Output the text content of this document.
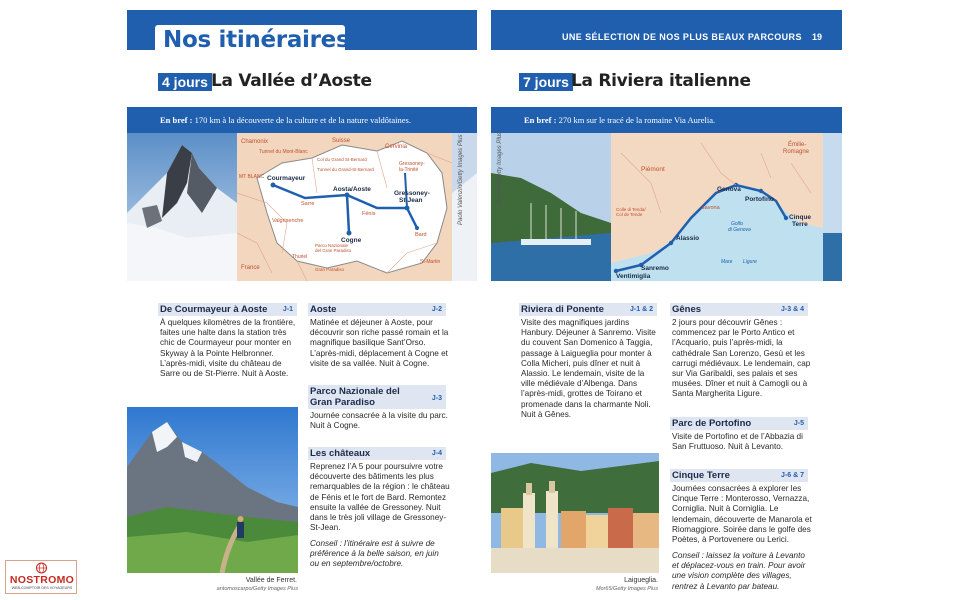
Nos itinéraires	UNE SÉLECTION DE NOS PLUS BEAUX PARCOURS 19
4 jours La Vallée d’Aoste
En bref : 170 km à la découverte de la culture et de la nature valdôtaines.
Chamonix	Suisse
Cervinia
Tunnel du Mont-Blanc
Tunnel du Grand-St-Bernard
Col du Grand St-Bernard
MT BLANC Courmayeur
Aosta/Aoste
Gressoney-St-Jean
Gressoney-la-Trinité
Sarre
Fénis
Valgrisenche
Cogne
Bard
Parco Nazionale del Gran Paradiso
Gran Paradiso
France
Thuriel
St-Martin
Paolo Valenzin/Getty Images Plus
De Courmayeur à Aoste J-1
À quelques kilomètres de la frontière, faites une halte dans la station très chic de Courmayeur pour monter en Skyway à la Pointe Helbronner. L’après-midi, visite du château de Sarre ou de St-Pierre. Nuit à Aoste.
Aoste	J-2
Matinée et déjeuner à Aoste, pour découvrir son riche passé romain et la magnifique basilique Sant’Orso. L’après-midi, déplacement à Cogne et visite de sa vallée. Nuit à Cogne.
Parco Nazionale del Gran Paradiso	J-3
Journée consacrée à la visite du parc. Nuit à Cogne.
Les châteaux	J-4
Reprenez l’A 5 pour poursuivre votre découverte des bâtiments les plus remarquables de la région : le château de Fénis et le fort de Bard. Remontez ensuite la vallée de Gressoney. Nuit dans le très joli village de Gressoney-St-Jean.
Conseil : l’itinéraire est à suivre de préférence à la belle saison, en juin ou en septembre/octobre.
Vallée de Ferret.
antomoscarpo/Getty Images Plus
7 jours La Riviera italienne
En bref : 270 km sur le tracé de la romaine Via Aurelia.
Xantana/Getty Images Plus	Piémont
Émilie-Romagne
Colle di Tenda/ Col de Tende
Genova
Portofino
Cinque Terre
Savona
Golfo di Genova
Alassio
Sanremo
Ventimiglia
Mare Ligure
Riviera di Ponente	J-1 & 2
Visite des magnifiques jardins Hanbury. Déjeuner à Sanremo. Visite du couvent San Domenico à Taggia, passage à Laigueglia pour monter à Colla Micheri, puis dîner et nuit à Alassio. Le lendemain, visite de la ville médiévale d’Albenga. Dans l’après-midi, grottes de Toirano et promenade dans la charmante Noli. Nuit à Gênes.
Gênes	J-3 & 4
2 jours pour découvrir Gênes : commencez par le Porto Antico et l’Acquario, puis l’après-midi, la cathédrale San Lorenzo, Gesù et les carrugi médiévaux. Le lendemain, cap sur Via Garibaldi, ses palais et ses musées. Dîner et nuit à Camogli ou à Santa Margherita Ligure.
Parc de Portofino	J-5
Visite de Portofino et de l’Abbazia di San Fruttuoso. Nuit à Levanto.
Cinque Terre	J-6 & 7
Journées consacrées à explorer les Cinque Terre : Monterosso, Vernazza, Corniglia. Nuit à Corniglia. Le lendemain, découverte de Manarola et Riomaggiore. Soirée dans le golfe des Poètes, à Portovenere ou Lerici.
Conseil : laissez la voiture à Levanto et déplacez-vous en train. Pour avoir une vision complète des villages, rentrez à Levanto par bateau.
Laigueglia.
Mor65/Getty Images Plus
NOSTROMO
WEB-COMPTOIR DES VOYAGEURS
